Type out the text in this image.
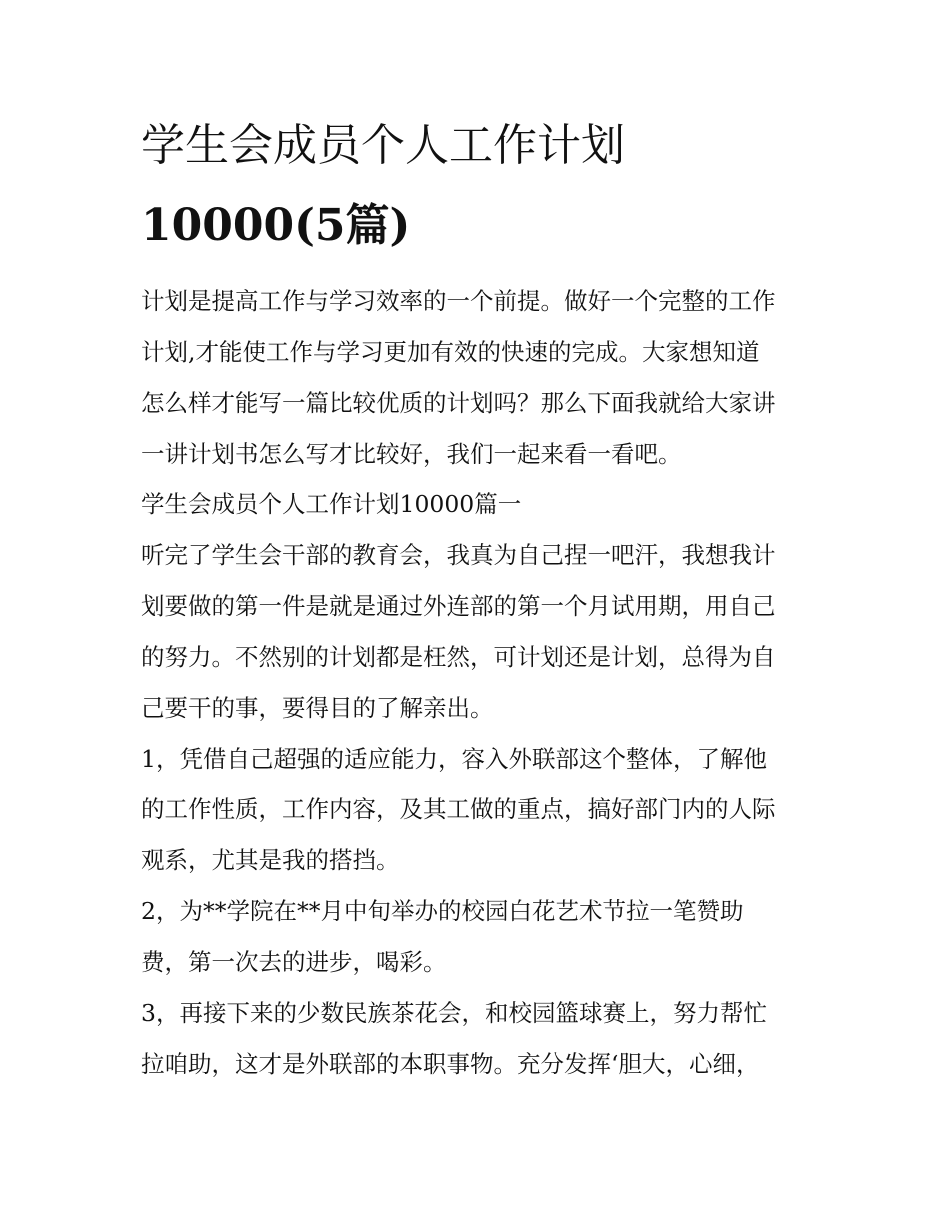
学生会成员个人工作计划
10000(5篇)
计划是提高工作与学习效率的一个前提。做好一个完整的工作
计划,才能使工作与学习更加有效的快速的完成。大家想知道
怎么样才能写一篇比较优质的计划吗？那么下面我就给大家讲
一讲计划书怎么写才比较好，我们一起来看一看吧。
学生会成员个人工作计划10000篇一
听完了学生会干部的教育会，我真为自己捏一吧汗，我想我计
划要做的第一件是就是通过外连部的第一个月试用期，用自己
的努力。不然别的计划都是枉然，可计划还是计划，总得为自
己要干的事，要得目的了解亲出。
1，凭借自己超强的适应能力，容入外联部这个整体，了解他
的工作性质，工作内容，及其工做的重点，搞好部门内的人际
观系，尤其是我的搭挡。
2，为**学院在**月中旬举办的校园白花艺术节拉一笔赞助
费，第一次去的进步，喝彩。
3，再接下来的少数民族茶花会，和校园篮球赛上，努力帮忙
拉咱助，这才是外联部的本职事物。充分发挥‘胆大，心细，
